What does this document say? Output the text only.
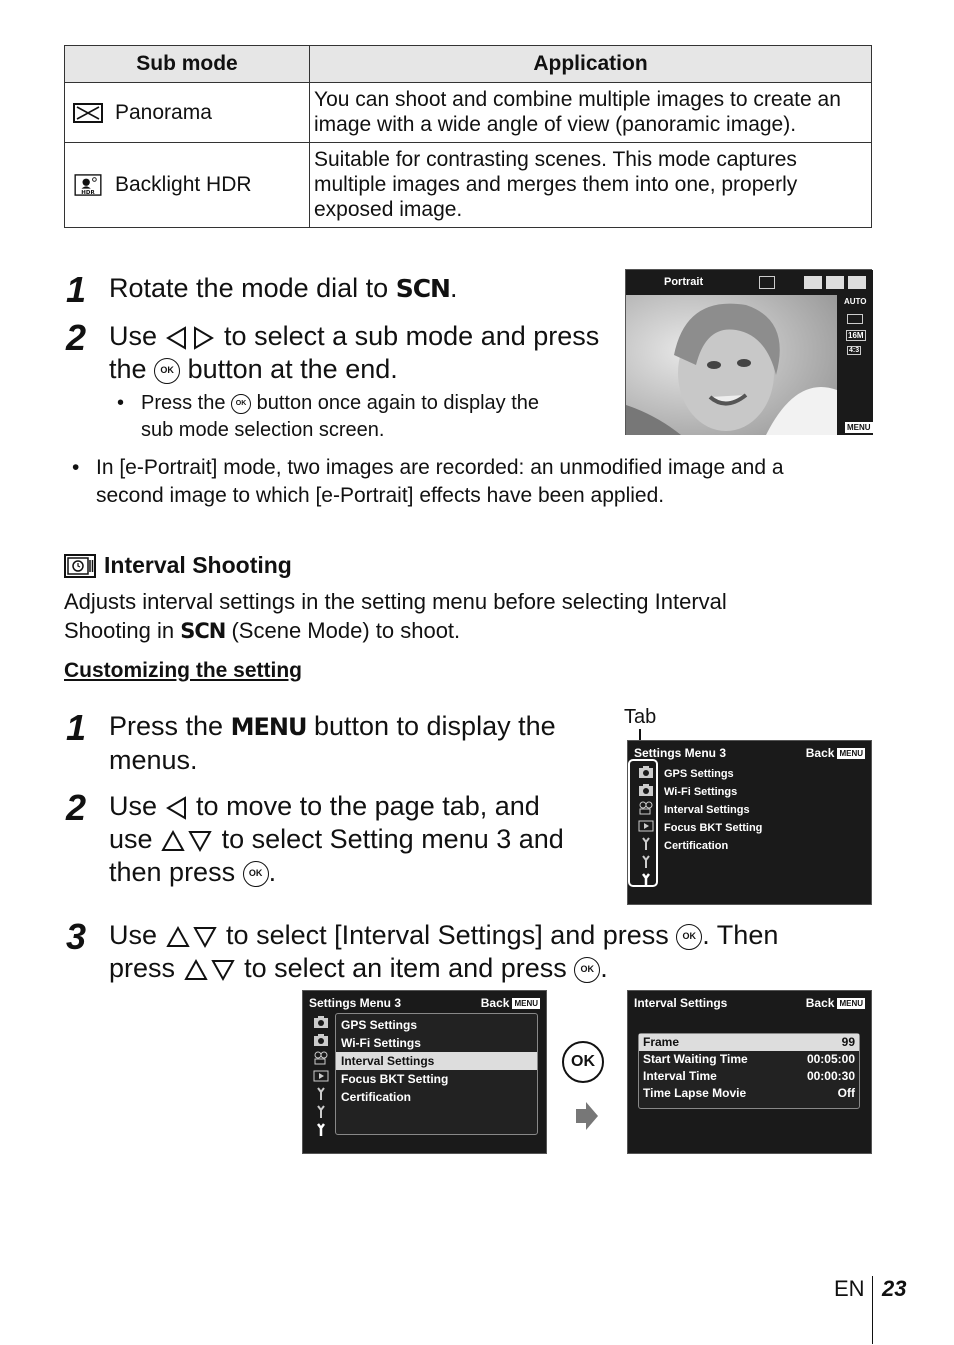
Sub mode	Application

Panorama	You can shoot and combine multiple images to create an image with a wide angle of view (panoramic image).

HDR Backlight HDR	Suitable for contrasting scenes. This mode captures multiple images and merges them into one, properly exposed image.
1 Rotate the mode dial to SCN.
2 Use to select a sub mode and press
the OK button at the end.
• Press the OK button once again to display the
sub mode selection screen.
Portrait
AUTO
16M
4:3
MENU
• In [e-Portrait] mode, two images are recorded: an unmodified image and a
second image to which [e-Portrait] effects have been applied.
Interval Shooting
Adjusts interval settings in the setting menu before selecting Interval
Shooting in SCN (Scene Mode) to shoot.
Customizing the setting
1 Press the MENU button to display the
menus.
2 Use to move to the page tab, and
use	to select Setting menu 3 and
then press OK .
Tab
Settings Menu 3	Back MENU
GPS Settings
Wi-Fi Settings
Interval Settings
Focus BKT Setting
Certification
3 Use	to select [Interval Settings] and press OK . Then
press	to select an item and press OK .
Settings Menu 3	Back MENU
GPS Settings
Wi-Fi Settings
Interval Settings
Focus BKT Setting
Certification
OK
Interval Settings	Back MENU
Frame	99
Start Waiting Time	00:05:00
Interval Time	00:00:30
Time Lapse Movie	Off
EN 23
